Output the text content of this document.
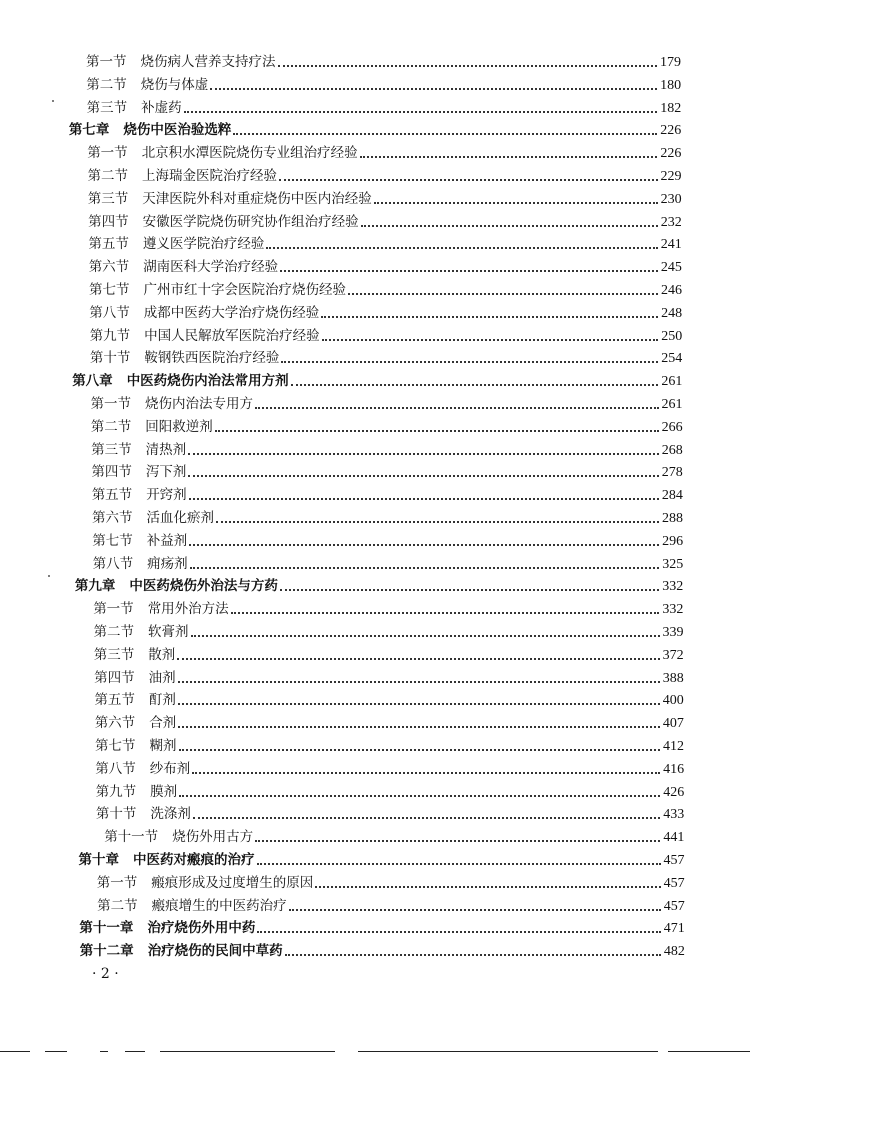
第一节 烧伤病人营养支持疗法	179
第二节 烧伤与体虚	180
第三节 补虚药	182
第七章 烧伤中医治验选粹	226
第一节 北京积水潭医院烧伤专业组治疗经验	226
第二节 上海瑞金医院治疗经验	229
第三节 天津医院外科对重症烧伤中医内治经验	230
第四节 安徽医学院烧伤研究协作组治疗经验	232
第五节 遵义医学院治疗经验	241
第六节 湖南医科大学治疗经验	245
第七节 广州市红十字会医院治疗烧伤经验	246
第八节 成都中医药大学治疗烧伤经验	248
第九节 中国人民解放军医院治疗经验	250
第十节 鞍钢铁西医院治疗经验	254
第八章 中医药烧伤内治法常用方剂	261
第一节 烧伤内治法专用方	261
第二节 回阳救逆剂	266
第三节 清热剂	268
第四节 泻下剂	278
第五节 开窍剂	284
第六节 活血化瘀剂	288
第七节 补益剂	296
第八节 痈疡剂	325
第九章 中医药烧伤外治法与方药	332
第一节 常用外治方法	332
第二节 软膏剂	339
第三节 散剂	372
第四节 油剂	388
第五节 酊剂	400
第六节 合剂	407
第七节 糊剂	412
第八节 纱布剂	416
第九节 膜剂	426
第十节 洗涤剂	433
第十一节 烧伤外用古方	441
第十章 中医药对瘢痕的治疗	457
第一节 瘢痕形成及过度增生的原因	457
第二节 瘢痕增生的中医药治疗	457
第十一章 治疗烧伤外用中药	471
第十二章 治疗烧伤的民间中草药	482
· 2 ·
